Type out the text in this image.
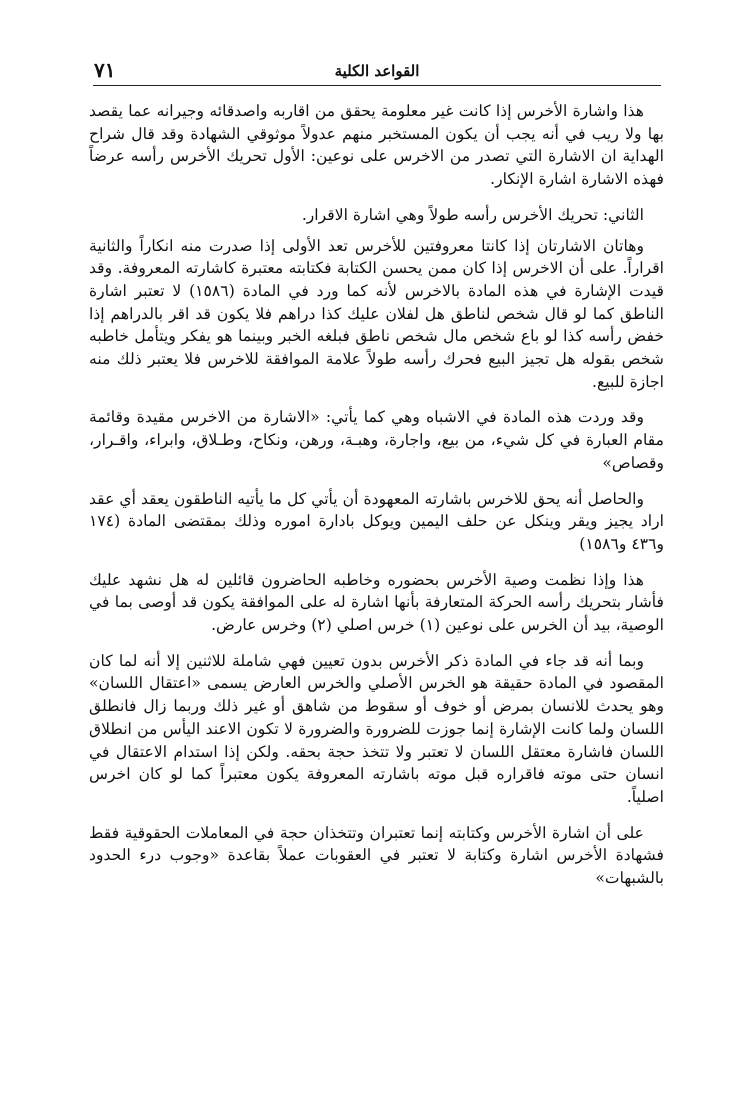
٧١	القواعد الكلية

هذا واشارة الأخرس إذا كانت غير معلومة يحقق من اقاربه واصدقائه وجيرانه عما يقصد بها ولا ريب في أنه يجب أن يكون المستخبر منهم عدولاً موثوقي الشهادة وقد قال شراح الهداية ان الاشارة التي تصدر من الاخرس على نوعين: الأول تحريك الأخرس رأسه عرضاً فهذه الاشارة اشارة الإنكار.

الثاني: تحريك الأخرس رأسه طولاً وهي اشارة الاقرار.

وهاتان الاشارتان إذا كانتا معروفتين للأخرس تعد الأولى إذا صدرت منه انكاراً والثانية اقراراً. على أن الاخرس إذا كان ممن يحسن الكتابة فكتابته معتبرة كاشارته المعروفة. وقد قيدت الإشارة في هذه المادة بالاخرس لأنه كما ورد في المادة (١٥٨٦) لا تعتبر اشارة الناطق كما لو قال شخص لناطق هل لفلان عليك كذا دراهم فلا يكون قد اقر بالدراهم إذا خفض رأسه كذا لو باع شخص مال شخص ناطق فبلغه الخبر وبينما هو يفكر ويتأمل خاطبه شخص بقوله هل تجيز البيع فحرك رأسه طولاً علامة الموافقة للاخرس فلا يعتبر ذلك منه اجازة للبيع.

وقد وردت هذه المادة في الاشباه وهي كما يأتي: «الاشارة من الاخرس مقيدة وقائمة مقام العبارة في كل شيء، من بيع، واجارة، وهبـة، ورهن، ونكاح، وطـلاق، وابراء، واقـرار، وقصاص»

والحاصل أنه يحق للاخرس باشارته المعهودة أن يأتي كل ما يأتيه الناطقون يعقد أي عقد اراد يجيز ويقر وينكل عن حلف اليمين ويوكل بادارة اموره وذلك بمقتضى المادة (١٧٤ و٤٣٦ و١٥٨٦)

هذا وإذا نظمت وصية الأخرس بحضوره وخاطبه الحاضرون قائلين له هل نشهد عليك فأشار بتحريك رأسه الحركة المتعارفة بأنها اشارة له على الموافقة يكون قد أوصى بما في الوصية، بيد أن الخرس على نوعين (١) خرس اصلي (٢) وخرس عارض.

وبما أنه قد جاء في المادة ذكر الأخرس بدون تعيين فهي شاملة للاثنين إلا أنه لما كان المقصود في المادة حقيقة هو الخرس الأصلي والخرس العارض يسمى «اعتقال اللسان» وهو يحدث للانسان بمرض أو خوف أو سقوط من شاهق أو غير ذلك وربما زال فانطلق اللسان ولما كانت الإشارة إنما جوزت للضرورة والضرورة لا تكون الاعند اليأس من انطلاق اللسان فاشارة معتقل اللسان لا تعتبر ولا تتخذ حجة بحقه. ولكن إذا استدام الاعتقال في انسان حتى موته فاقراره قبل موته باشارته المعروفة يكون معتبراً كما لو كان اخرس اصلياً.

على أن اشارة الأخرس وكتابته إنما تعتبران وتتخذان حجة في المعاملات الحقوقية فقط فشهادة الأخرس اشارة وكتابة لا تعتبر في العقوبات عملاً بقاعدة «وجوب درء الحدود بالشبهات»
